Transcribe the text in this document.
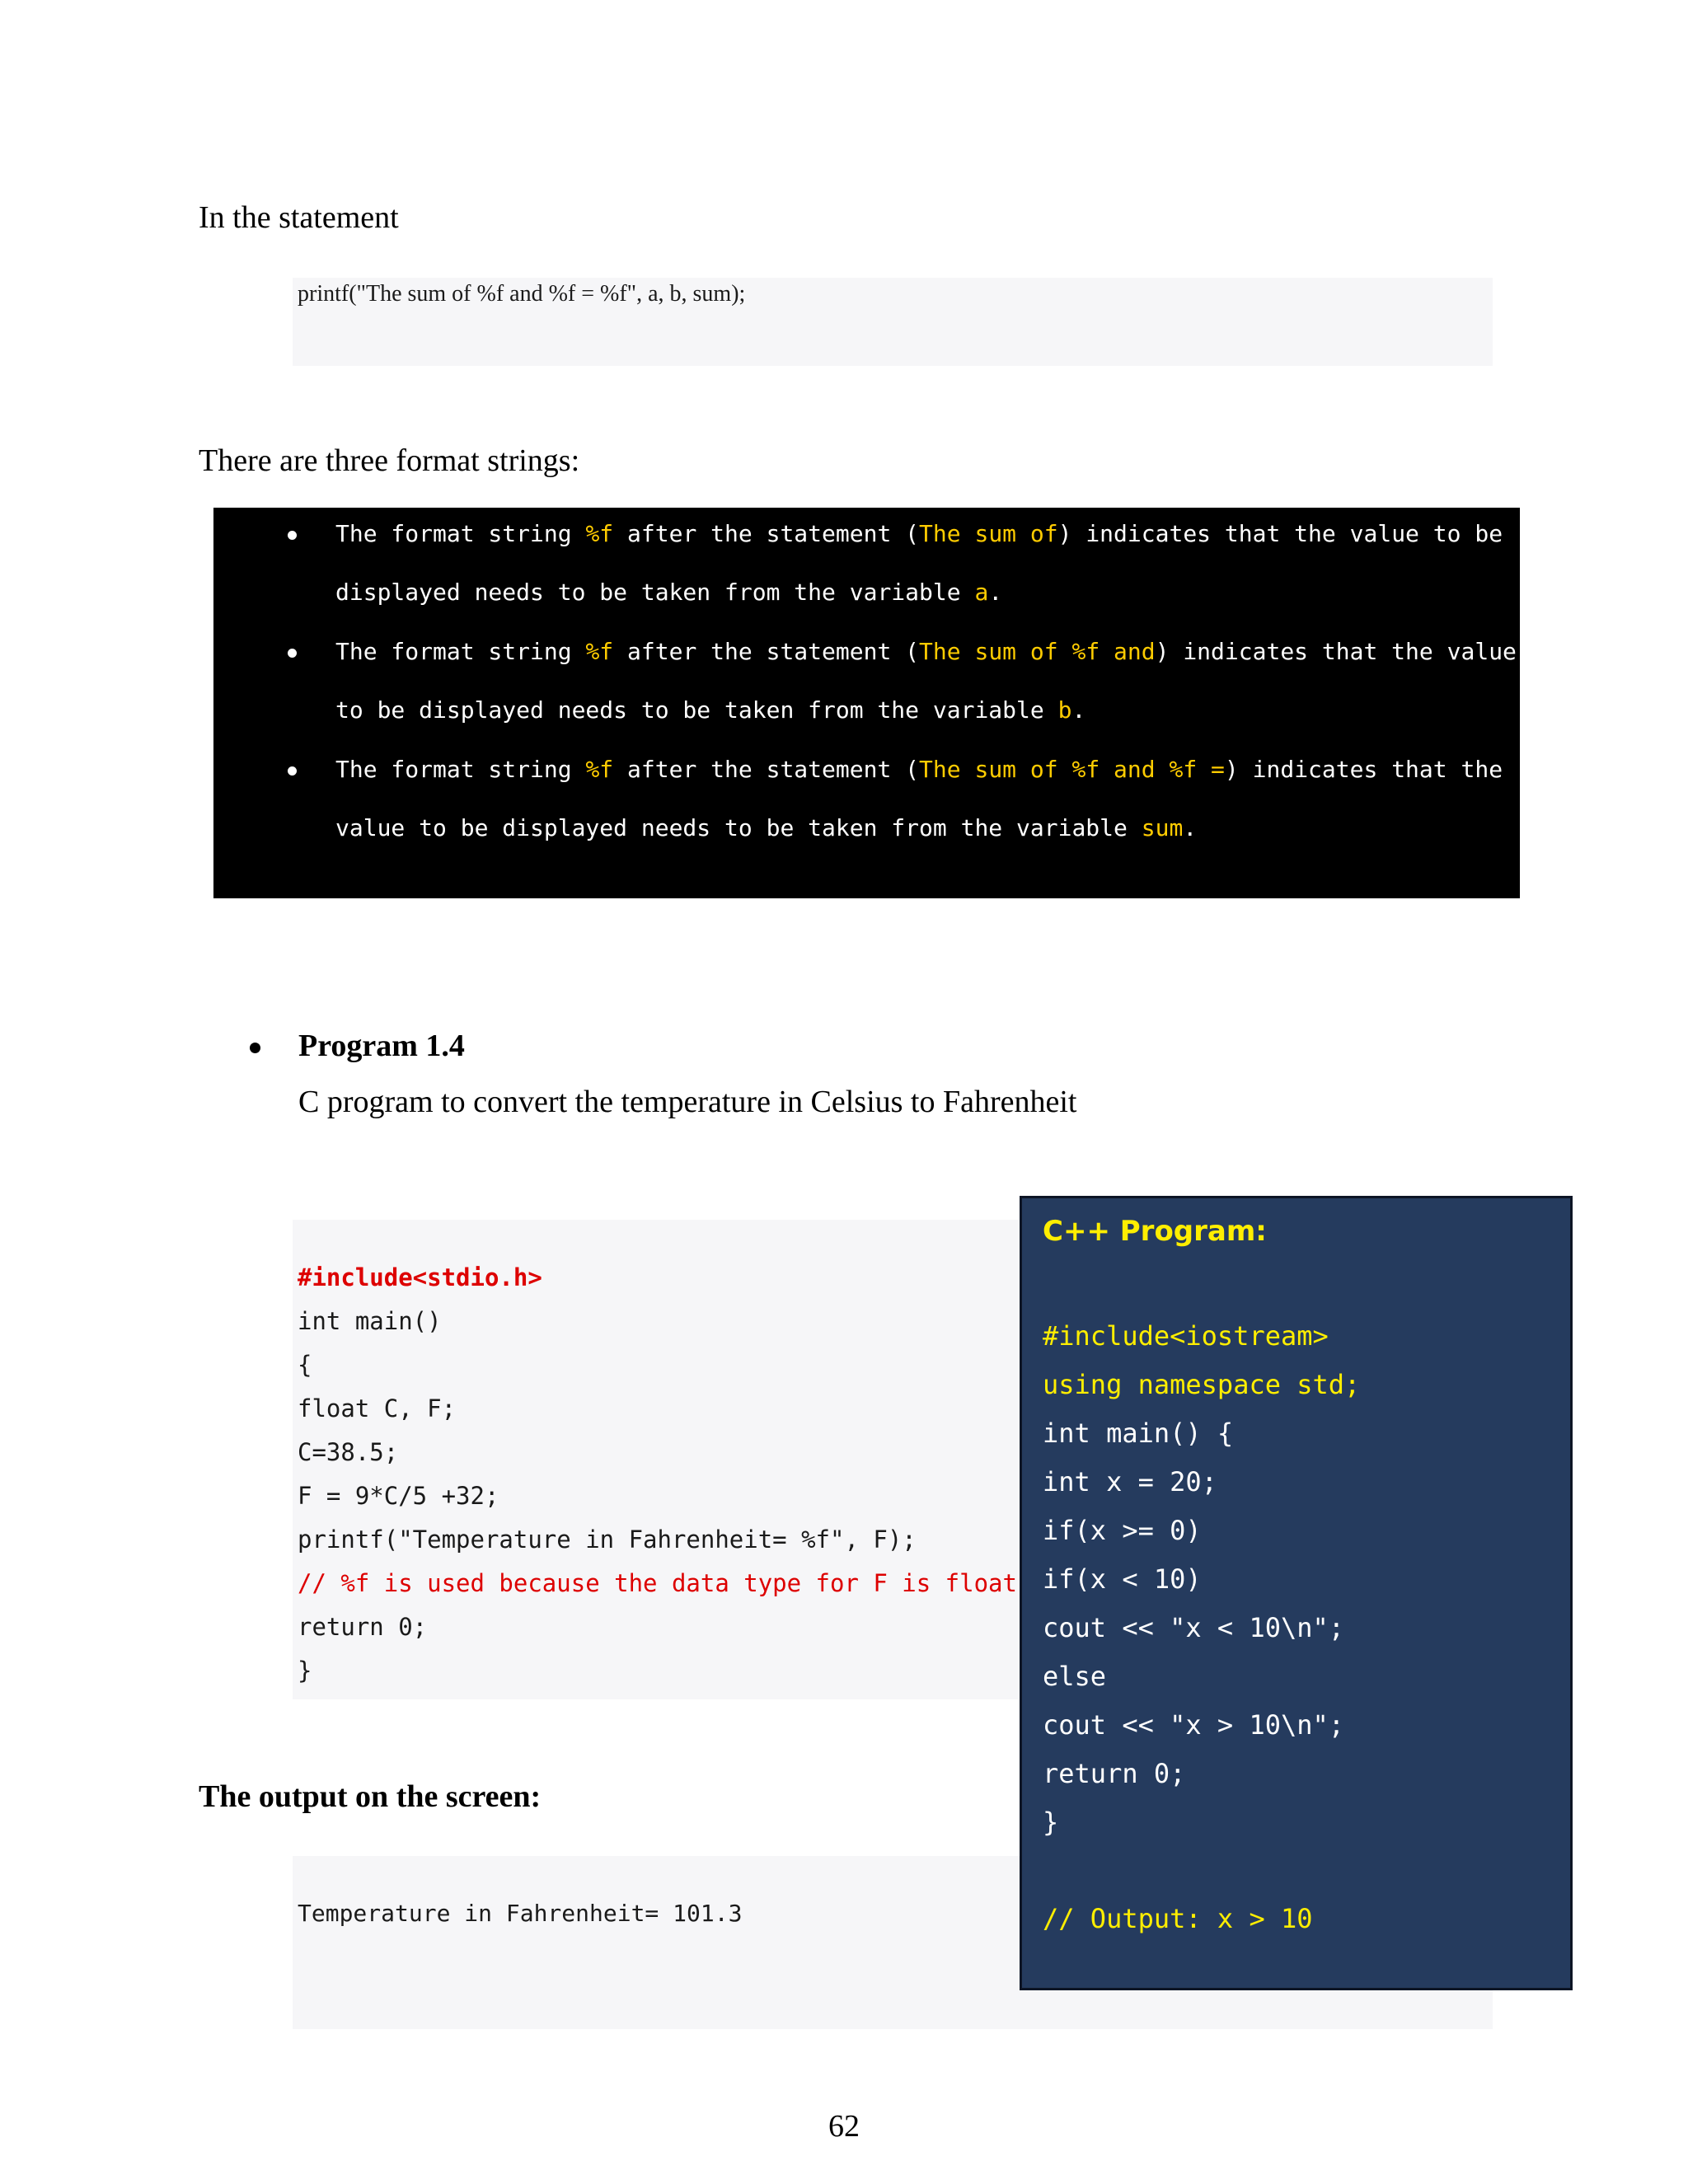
In the statement
printf("The sum of %f and %f = %f", a, b, sum);
There are three format strings:
The format string %f after the statement (The sum of) indicates that the value to be
displayed needs to be taken from the variable a.
The format string %f after the statement (The sum of %f and) indicates that the value
to be displayed needs to be taken from the variable b.
The format string %f after the statement (The sum of %f and %f =) indicates that the
value to be displayed needs to be taken from the variable sum.
Program 1.4
C program to convert the temperature in Celsius to Fahrenheit
#include<stdio.h>
int main()
{
float C, F;
C=38.5;
F = 9*C/5 +32;
printf("Temperature in Fahrenheit= %f", F);
// %f is used because the data type for F is float
return 0;
}
The output on the screen:
Temperature in Fahrenheit= 101.3
C++ Program:
#include<iostream>
using namespace std;
int main() {
int x = 20;
if(x >= 0)
if(x < 10)
cout << "x < 10\n";
else
cout << "x > 10\n";
return 0;
}
// Output: x > 10
62
